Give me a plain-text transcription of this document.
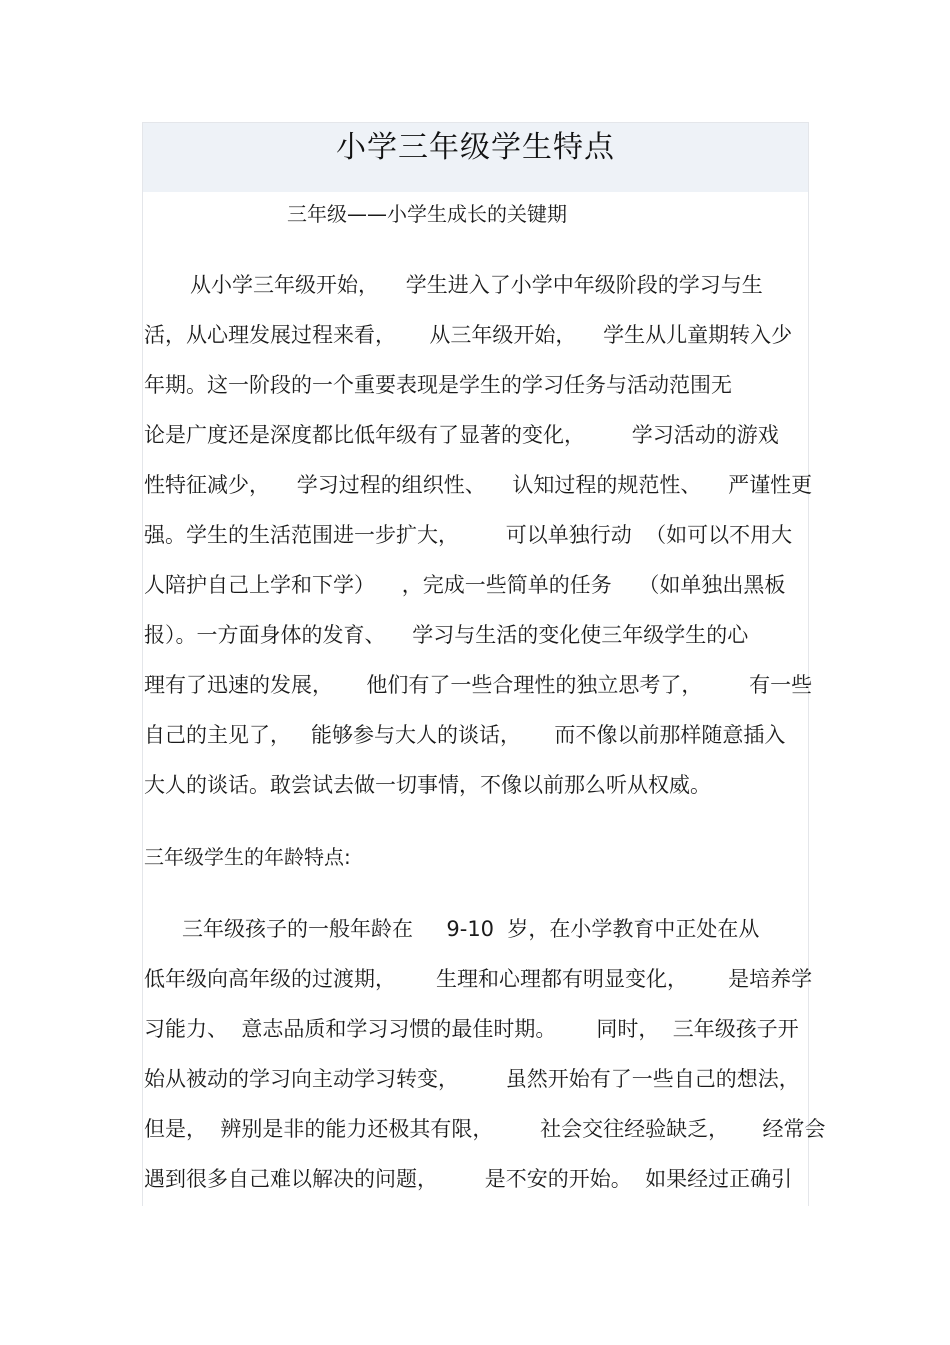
小学三年级学生特点
三年级——小学生成长的关键期
从小学三年级开始，    学生进入了小学中年级阶段的学习与生
活，从心理发展过程来看，     从三年级开始，    学生从儿童期转入少
年期。这一阶段的一个重要表现是学生的学习任务与活动范围无
论是广度还是深度都比低年级有了显著的变化，       学习活动的游戏
性特征减少，    学习过程的组织性、    认知过程的规范性、    严谨性更
强。学生的生活范围进一步扩大，       可以单独行动  （如可以不用大
人陪护自己上学和下学）    ，完成一些简单的任务    （如单独出黑板
报）。一方面身体的发育、    学习与生活的变化使三年级学生的心
理有了迅速的发展，     他们有了一些合理性的独立思考了，       有一些
自己的主见了，   能够参与大人的谈话，     而不像以前那样随意插入
大人的谈话。敢尝试去做一切事情，不像以前那么听从权威。
三年级学生的年龄特点:
三年级孩子的一般年龄在     9-10  岁，在小学教育中正处在从
低年级向高年级的过渡期，      生理和心理都有明显变化，      是培养学
习能力、  意志品质和学习习惯的最佳时期。      同时，  三年级孩子开
始从被动的学习向主动学习转变，       虽然开始有了一些自己的想法，
但是，  辨别是非的能力还极其有限，       社会交往经验缺乏，     经常会
遇到很多自己难以解决的问题，       是不安的开始。  如果经过正确引
